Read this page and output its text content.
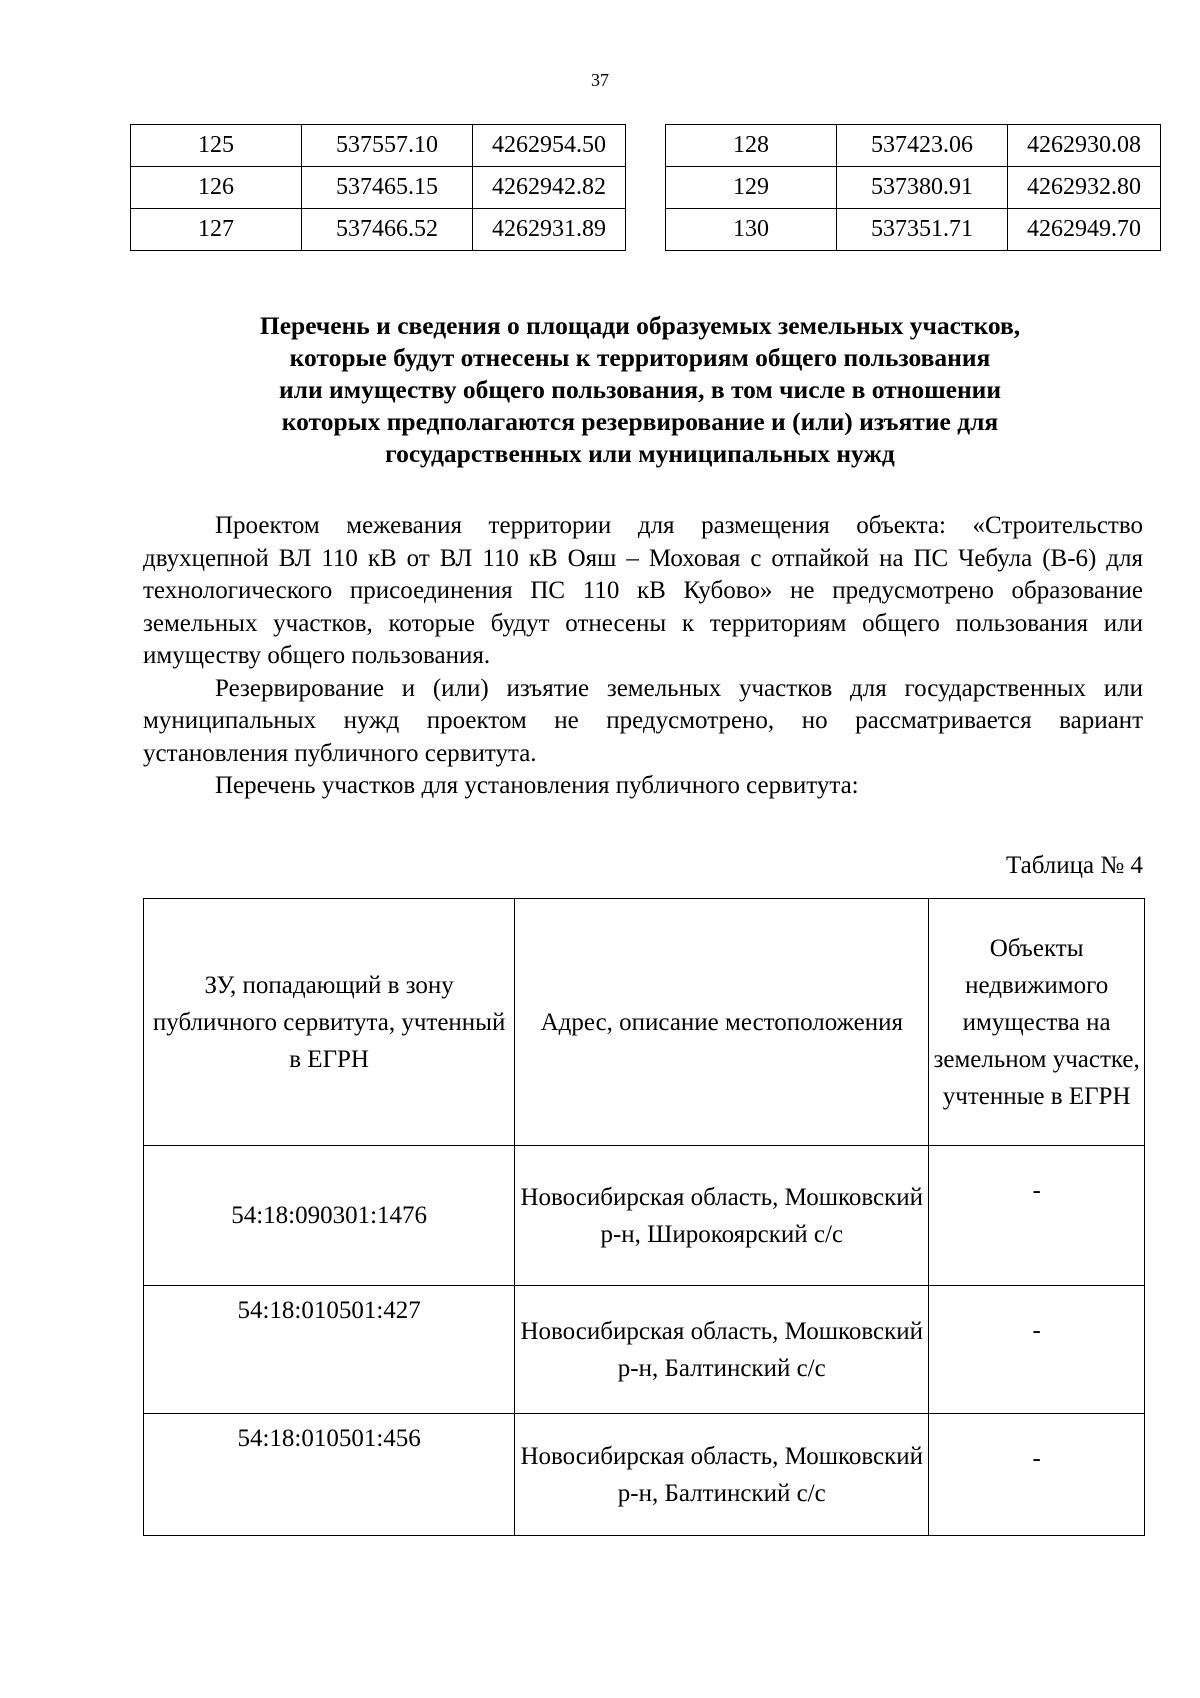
37
125	537557.10	4262954.50
126	537465.15	4262942.82
127	537466.52	4262931.89
128	537423.06	4262930.08
129	537380.91	4262932.80
130	537351.71	4262949.70
Перечень и сведения о площади образуемых земельных участков,
которые будут отнесены к территориям общего пользования
или имуществу общего пользования, в том числе в отношении
которых предполагаются резервирование и (или) изъятие для
государственных или муниципальных нужд

Проектом межевания территории для размещения объекта: «Строительство двухцепной ВЛ 110 кВ от ВЛ 110 кВ Ояш – Моховая с отпайкой на ПС Чебула (В-6) для технологического присоединения ПС 110 кВ Кубово» не предусмотрено образование земельных участков, которые будут отнесены к территориям общего пользования или имуществу общего пользования.

Резервирование и (или) изъятие земельных участков для государственных или муниципальных нужд проектом не предусмотрено, но рассматривается вариант установления публичного сервитута.

Перечень участков для установления публичного сервитута:

Таблица № 4
ЗУ, попадающий в зону публичного сервитута, учтенный в ЕГРН	Адрес, описание местоположения	Объекты недвижимого имущества на земельном участке, учтенные в ЕГРН
54:18:090301:1476	Новосибирская область, Мошковский р-н, Широкоярский с/с	-
54:18:010501:427	Новосибирская область, Мошковский р-н, Балтинский с/с	-
54:18:010501:456	Новосибирская область, Мошковский р-н, Балтинский с/с	-
